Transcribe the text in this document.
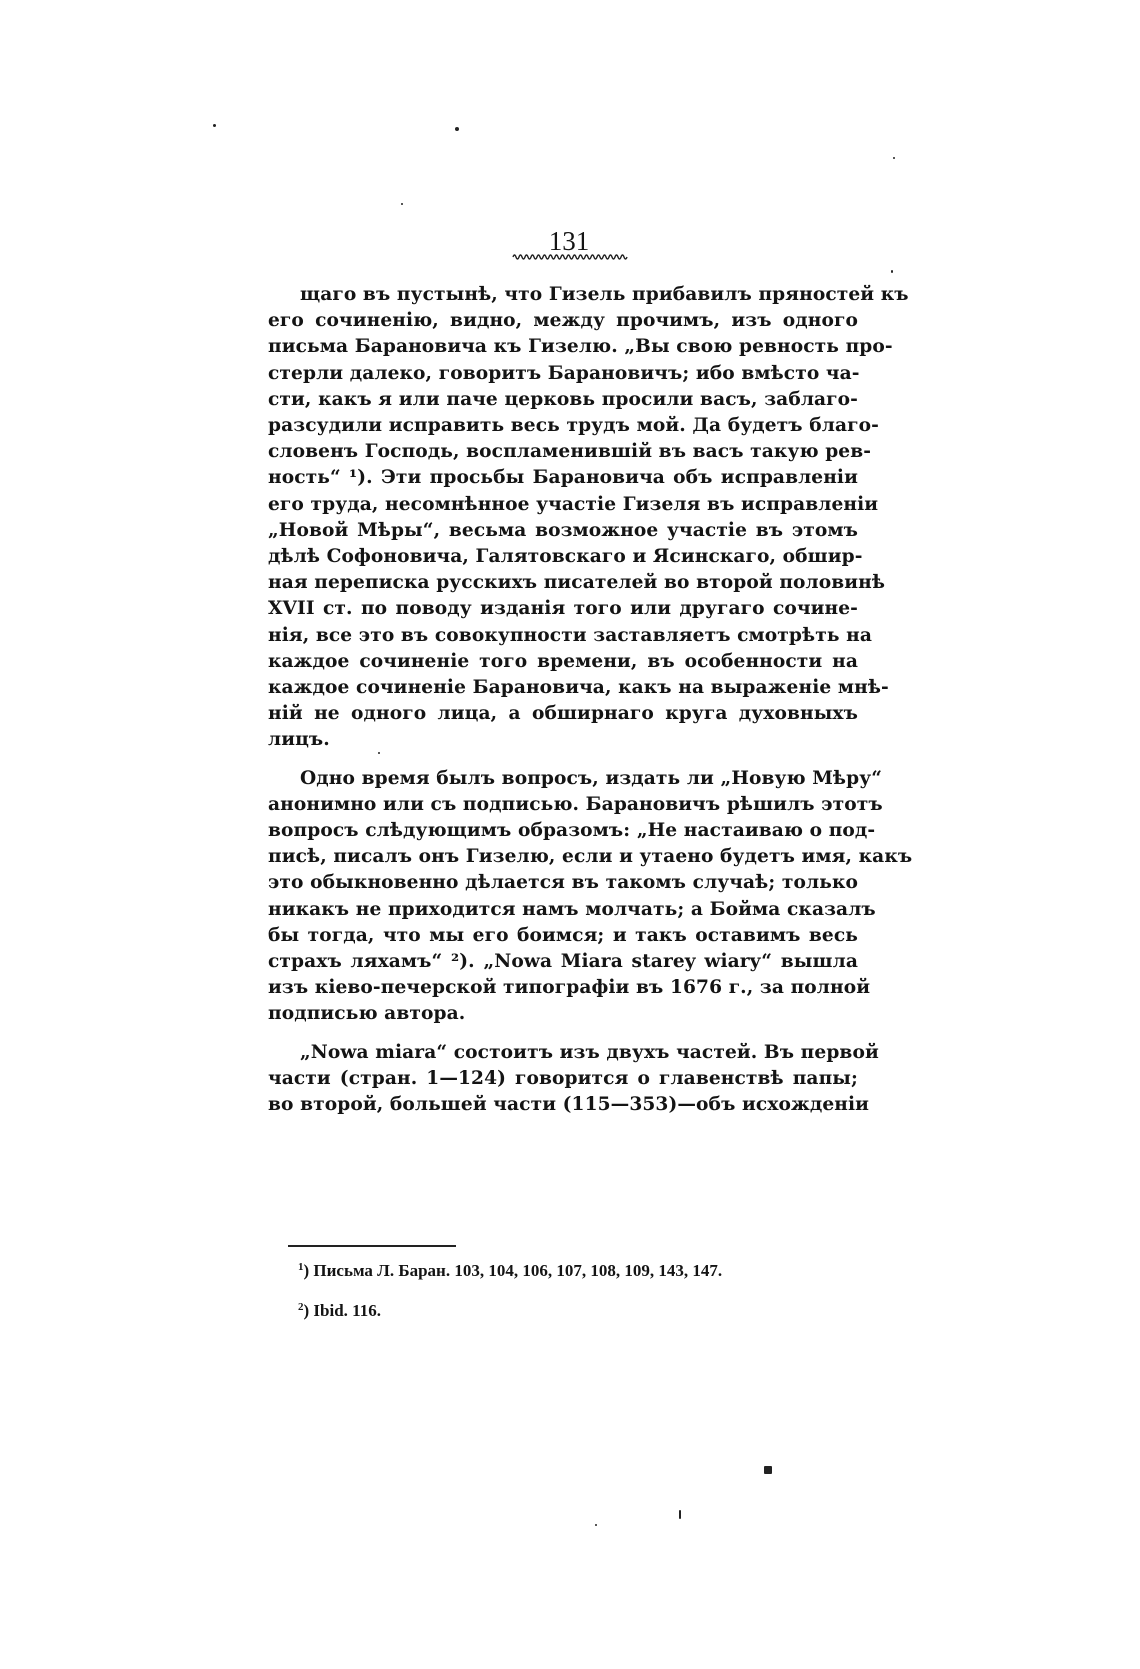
131
щаго въ пустынѣ, что Гизель прибавилъ пряностей къ
его сочиненію, видно, между прочимъ, изъ одного
письма Барановича къ Гизелю. „Вы свою ревность про-
стерли далеко, говоритъ Барановичъ; ибо вмѣсто ча-
сти, какъ я или паче церковь просили васъ, заблаго-
разсудили исправить весь трудъ мой. Да будетъ благо-
словенъ Господь, воспламенившій въ васъ такую рев-
ность“ ¹). Эти просьбы Барановича объ исправленіи
его труда, несомнѣнное участіе Гизеля въ исправленіи
„Новой Мѣры“, весьма возможное участіе въ этомъ
дѣлѣ Софоновича, Галятовскаго и Ясинскаго, обшир-
ная переписка русскихъ писателей во второй половинѣ
XVII ст. по поводу изданія того или другаго сочине-
нія, все это въ совокупности заставляетъ смотрѣть на
каждое сочиненіе того времени, въ особенности на
каждое сочиненіе Барановича, какъ на выраженіе мнѣ-
ній не одного лица, а обширнаго круга духовныхъ
лицъ.
Одно время былъ вопросъ, издать ли „Новую Мѣру“
анонимно или съ подписью. Барановичъ рѣшилъ этотъ
вопросъ слѣдующимъ образомъ: „Не настаиваю о под-
писѣ, писалъ онъ Гизелю, если и утаено будетъ имя, какъ
это обыкновенно дѣлается въ такомъ случаѣ; только
никакъ не приходится намъ молчать; а Бойма сказалъ
бы тогда, что мы его боимся; и такъ оставимъ весь
страхъ ляхамъ“ ²). „Nowa Miara starey wiary“ вышла
изъ кіево-печерской типографіи въ 1676 г., за полной
подписью автора.
„Nowa miara“ состоитъ изъ двухъ частей. Въ первой
части (стран. 1—124) говорится о главенствѣ папы;
во второй, большей части (115—353)—объ исхожденіи
$^1$) Письма Л. Баран. 103, 104, 106, 107, 108, 109, 143, 147.
$^2$) Ibid. 116.
